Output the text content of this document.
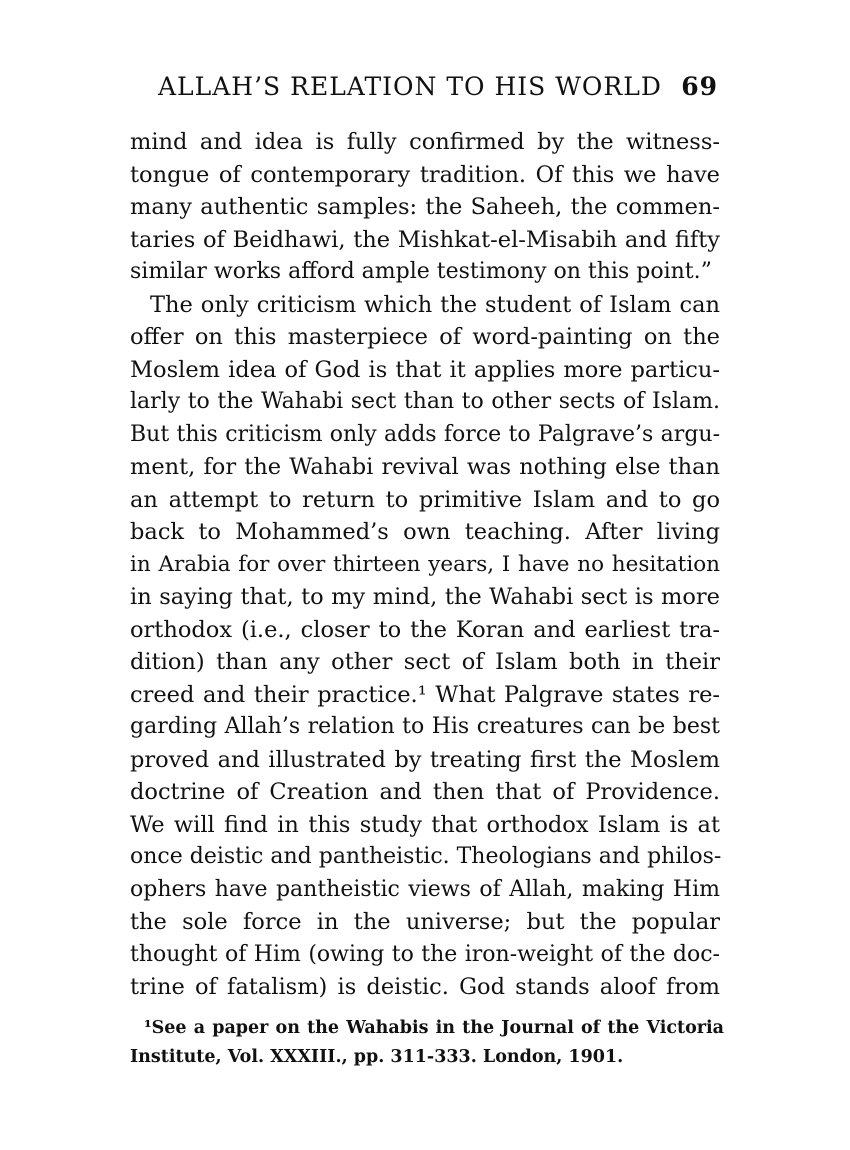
ALLAH’S RELATION TO HIS WORLD 69
mind and idea is fully confirmed by the witness-
tongue of contemporary tradition. Of this we have
many authentic samples: the Saheeh, the commen-
taries of Beidhawi, the Mishkat-el-Misabih and fifty
similar works afford ample testimony on this point.”
The only criticism which the student of Islam can
offer on this masterpiece of word-painting on the
Moslem idea of God is that it applies more particu-
larly to the Wahabi sect than to other sects of Islam.
But this criticism only adds force to Palgrave’s argu-
ment, for the Wahabi revival was nothing else than
an attempt to return to primitive Islam and to go
back to Mohammed’s own teaching. After living
in Arabia for over thirteen years, I have no hesitation
in saying that, to my mind, the Wahabi sect is more
orthodox (i.e., closer to the Koran and earliest tra-
dition) than any other sect of Islam both in their
creed and their practice.¹ What Palgrave states re-
garding Allah’s relation to His creatures can be best
proved and illustrated by treating first the Moslem
doctrine of Creation and then that of Providence.
We will find in this study that orthodox Islam is at
once deistic and pantheistic. Theologians and philos-
ophers have pantheistic views of Allah, making Him
the sole force in the universe; but the popular
thought of Him (owing to the iron-weight of the doc-
trine of fatalism) is deistic. God stands aloof from
¹See a paper on the Wahabis in the Journal of the Victoria
Institute, Vol. XXXIII., pp. 311-333. London, 1901.
